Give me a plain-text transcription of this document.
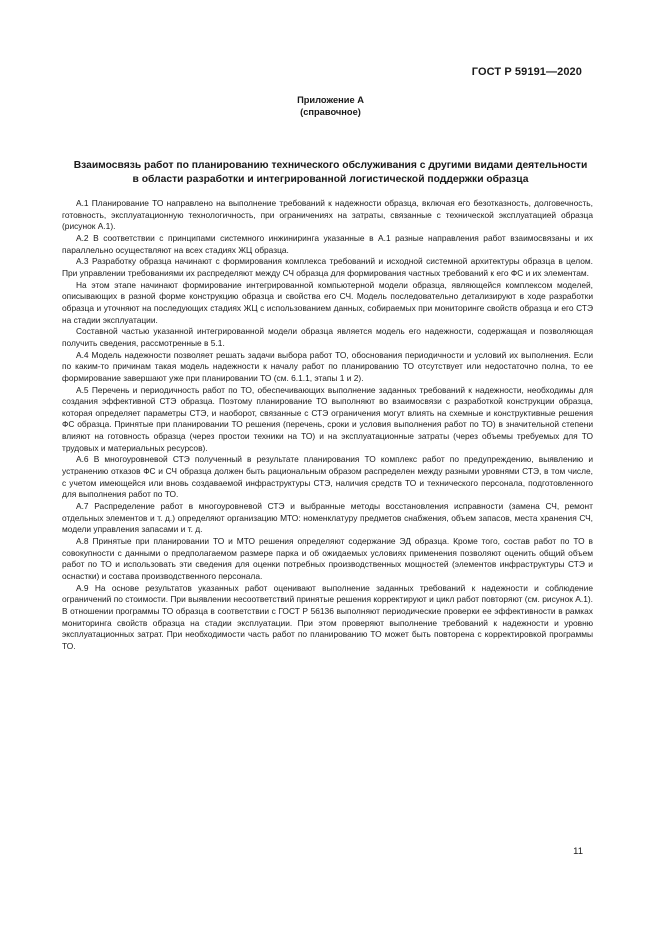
ГОСТ Р 59191—2020
Приложение А
(справочное)
Взаимосвязь работ по планированию технического обслуживания с другими видами деятельности в области разработки и интегрированной логистической поддержки образца

А.1 Планирование ТО направлено на выполнение требований к надежности образца, включая его безотказность, долговечность, готовность, эксплуатационную технологичность, при ограничениях на затраты, связанные с технической эксплуатацией образца (рисунок А.1).

А.2 В соответствии с принципами системного инжиниринга указанные в А.1 разные направления работ взаимосвязаны и их параллельно осуществляют на всех стадиях ЖЦ образца.

А.3 Разработку образца начинают с формирования комплекса требований и исходной системной архитектуры образца в целом. При управлении требованиями их распределяют между СЧ образца для формирования частных требований к его ФС и их элементам.

На этом этапе начинают формирование интегрированной компьютерной модели образца, являющейся комплексом моделей, описывающих в разной форме конструкцию образца и свойства его СЧ. Модель последовательно детализируют в ходе разработки образца и уточняют на последующих стадиях ЖЦ с использованием данных, собираемых при мониторинге свойств образца и его СТЭ на стадии эксплуатации.

Составной частью указанной интегрированной модели образца является модель его надежности, содержащая и позволяющая получить сведения, рассмотренные в 5.1.

А.4 Модель надежности позволяет решать задачи выбора работ ТО, обоснования периодичности и условий их выполнения. Если по каким-то причинам такая модель надежности к началу работ по планированию ТО отсутствует или недостаточно полна, то ее формирование завершают уже при планировании ТО (см. 6.1.1, этапы 1 и 2).

А.5 Перечень и периодичность работ по ТО, обеспечивающих выполнение заданных требований к надежности, необходимы для создания эффективной СТЭ образца. Поэтому планирование ТО выполняют во взаимосвязи с разработкой конструкции образца, которая определяет параметры СТЭ, и наоборот, связанные с СТЭ ограничения могут влиять на схемные и конструктивные решения ФС образца. Принятые при планировании ТО решения (перечень, сроки и условия выполнения работ по ТО) в значительной степени влияют на готовность образца (через простои техники на ТО) и на эксплуатационные затраты (через объемы требуемых для ТО трудовых и материальных ресурсов).

А.6 В многоуровневой СТЭ полученный в результате планирования ТО комплекс работ по предупреждению, выявлению и устранению отказов ФС и СЧ образца должен быть рациональным образом распределен между разными уровнями СТЭ, в том числе, с учетом имеющейся или вновь создаваемой инфраструктуры СТЭ, наличия средств ТО и технического персонала, подготовленного для выполнения работ по ТО.

А.7 Распределение работ в многоуровневой СТЭ и выбранные методы восстановления исправности (замена СЧ, ремонт отдельных элементов и т. д.) определяют организацию МТО: номенклатуру предметов снабжения, объем запасов, места хранения СЧ, модели управления запасами и т. д.

А.8 Принятые при планировании ТО и МТО решения определяют содержание ЭД образца. Кроме того, состав работ по ТО в совокупности с данными о предполагаемом размере парка и об ожидаемых условиях применения позволяют оценить общий объем работ по ТО и использовать эти сведения для оценки потребных производственных мощностей (элементов инфраструктуры СТЭ и оснастки) и состава производственного персонала.

А.9 На основе результатов указанных работ оценивают выполнение заданных требований к надежности и соблюдение ограничений по стоимости. При выявлении несоответствий принятые решения корректируют и цикл работ повторяют (см. рисунок А.1). В отношении программы ТО образца в соответствии с ГОСТ Р 56136 выполняют периодические проверки ее эффективности в рамках мониторинга свойств образца на стадии эксплуатации. При этом проверяют выполнение требований к надежности и уровню эксплуатационных затрат. При необходимости часть работ по планированию ТО может быть повторена с корректировкой программы ТО.

11
